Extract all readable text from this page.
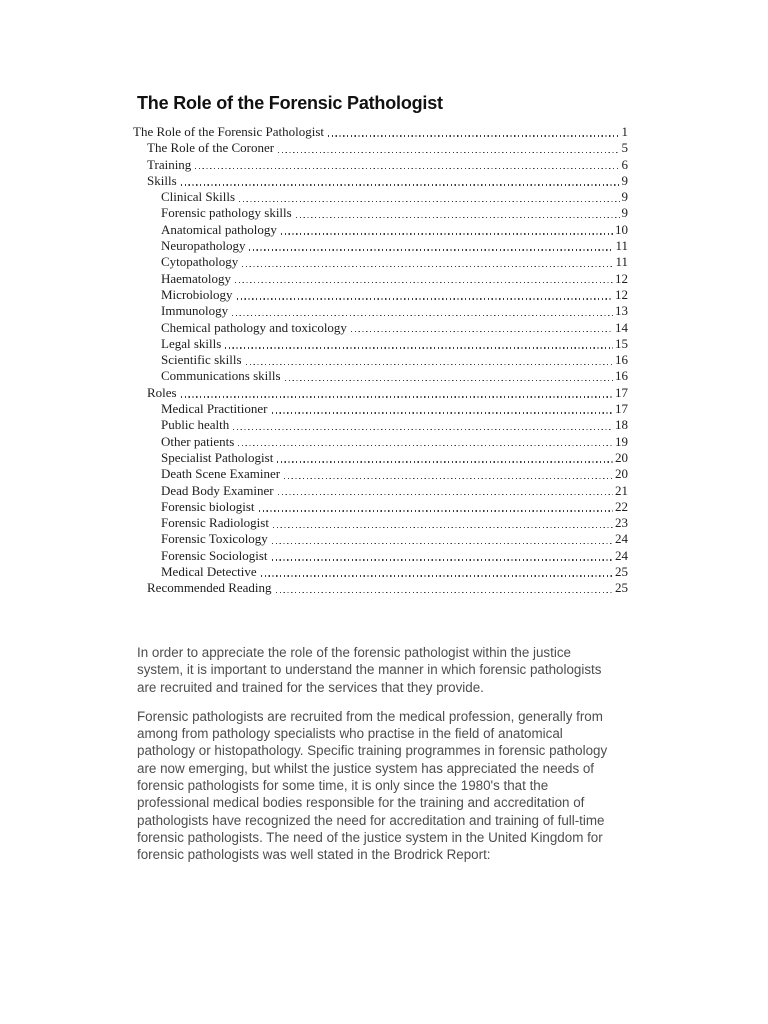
The Role of the Forensic Pathologist
The Role of the Forensic Pathologist	1
The Role of the Coroner	5
Training	6
Skills	9
Clinical Skills	9
Forensic pathology skills	9
Anatomical pathology	10
Neuropathology	11
Cytopathology	11
Haematology	12
Microbiology	12
Immunology	13
Chemical pathology and toxicology	14
Legal skills	15
Scientific skills	16
Communications skills	16
Roles	17
Medical Practitioner	17
Public health	18
Other patients	19
Specialist Pathologist	20
Death Scene Examiner	20
Dead Body Examiner	21
Forensic biologist	22
Forensic Radiologist	23
Forensic Toxicology	24
Forensic Sociologist	24
Medical Detective	25
Recommended Reading	25

In order to appreciate the role of the forensic pathologist within the justice system, it is important to understand the manner in which forensic pathologists are recruited and trained for the services that they provide.

Forensic pathologists are recruited from the medical profession, generally from among from pathology specialists who practise in the field of anatomical pathology or histopathology. Specific training programmes in forensic pathology are now emerging, but whilst the justice system has appreciated the needs of forensic pathologists for some time, it is only since the 1980's that the professional medical bodies responsible for the training and accreditation of pathologists have recognized the need for accreditation and training of full-time forensic pathologists. The need of the justice system in the United Kingdom for forensic pathologists was well stated in the Brodrick Report:
